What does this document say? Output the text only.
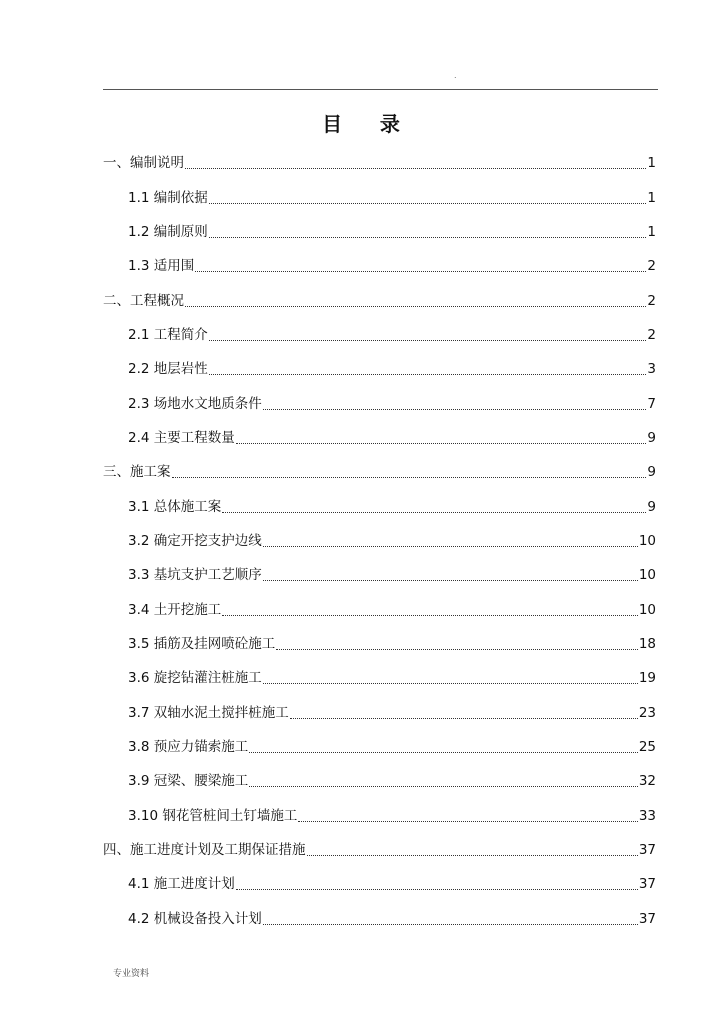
.
目    录
一、编制说明	1
1.1 编制依据	1
1.2 编制原则	1
1.3 适用围	2
二、工程概况	2
2.1 工程简介	2
2.2 地层岩性	3
2.3 场地水文地质条件	7
2.4 主要工程数量	9
三、施工案	9
3.1 总体施工案	9
3.2 确定开挖支护边线	10
3.3 基坑支护工艺顺序	10
3.4 土开挖施工	10
3.5 插筋及挂网喷砼施工	18
3.6 旋挖钻灌注桩施工	19
3.7 双轴水泥土搅拌桩施工	23
3.8 预应力锚索施工	25
3.9 冠梁、腰梁施工	32
3.10 钢花管桩间土钉墙施工	33
四、施工进度计划及工期保证措施	37
4.1 施工进度计划	37
4.2 机械设备投入计划	37
专业资料
